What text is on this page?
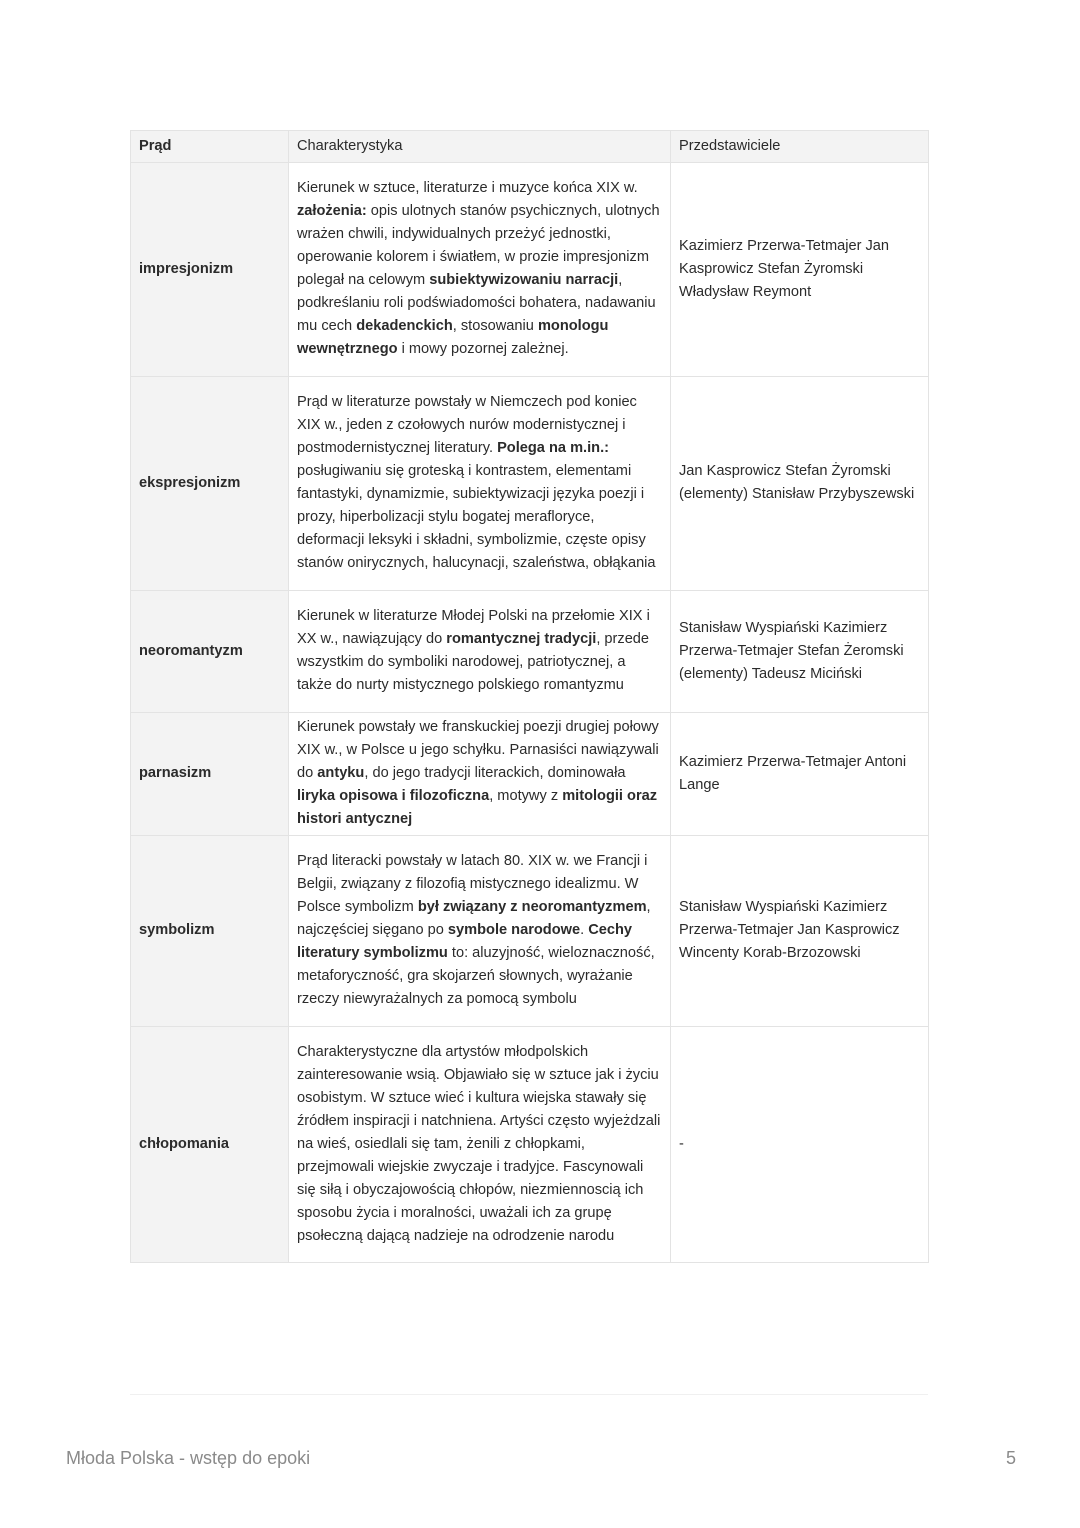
Prąd	Charakterystyka	Przedstawiciele
impresjonizm	Kierunek w sztuce, literaturze i muzyce końca XIX w. założenia: opis ulotnych stanów psychicznych, ulotnych wrażen chwili, indywidualnych przeżyć jednostki, operowanie kolorem i światłem, w prozie impresjonizm polegał na celowym subiektywizowaniu narracji, podkreślaniu roli podświadomości bohatera, nadawaniu mu cech dekadenckich, stosowaniu monologu wewnętrznego i mowy pozornej zależnej.	Kazimierz Przerwa-Tetmajer Jan Kasprowicz Stefan Żyromski Władysław Reymont
ekspresjonizm	Prąd w literaturze powstały w Niemczech pod koniec XIX w., jeden z czołowych nurów modernistycznej i postmodernistycznej literatury. Polega na m.in.: posługiwaniu się groteską i kontrastem, elementami fantastyki, dynamizmie, subiektywizacji języka poezji i prozy, hiperbolizacji stylu bogatej merafloryce, deformacji leksyki i składni, symbolizmie, częste opisy stanów onirycznych, halucynacji, szaleństwa, obłąkania	Jan Kasprowicz Stefan Żyromski (elementy) Stanisław Przybyszewski
neoromantyzm	Kierunek w literaturze Młodej Polski na przełomie XIX i XX w., nawiązujący do romantycznej tradycji, przede wszystkim do symboliki narodowej, patriotycznej, a także do nurty mistycznego polskiego romantyzmu	Stanisław Wyspiański Kazimierz Przerwa-Tetmajer Stefan Żeromski (elementy) Tadeusz Miciński
parnasizm	Kierunek powstały we franskuckiej poezji drugiej połowy XIX w., w Polsce u jego schyłku. Parnasiści nawiązywali do antyku, do jego tradycji literackich, dominowała liryka opisowa i filozoficzna, motywy z mitologii oraz histori antycznej	Kazimierz Przerwa-Tetmajer Antoni Lange
symbolizm	Prąd literacki powstały w latach 80. XIX w. we Francji i Belgii, związany z filozofią mistycznego idealizmu. W Polsce symbolizm był związany z neoromantyzmem, najczęściej sięgano po symbole narodowe. Cechy literatury symbolizmu to: aluzyjność, wieloznaczność, metaforyczność, gra skojarzeń słownych, wyrażanie rzeczy niewyrażalnych za pomocą symbolu	Stanisław Wyspiański Kazimierz Przerwa-Tetmajer Jan Kasprowicz Wincenty Korab-Brzozowski
chłopomania	Charakterystyczne dla artystów młodpolskich zainteresowanie wsią. Objawiało się w sztuce jak i życiu osobistym. W sztuce wieć i kultura wiejska stawały się źródłem inspiracji i natchniena. Artyści często wyjeżdzali na wieś, osiedlali się tam, żenili z chłopkami, przejmowali wiejskie zwyczaje i tradyjce. Fascynowali się siłą i obyczajowością chłopów, niezmiennoscią ich sposobu życia i moralności, uważali ich za grupę psołeczną dającą nadzieje na odrodzenie narodu	-
Młoda Polska - wstęp do epoki	5
